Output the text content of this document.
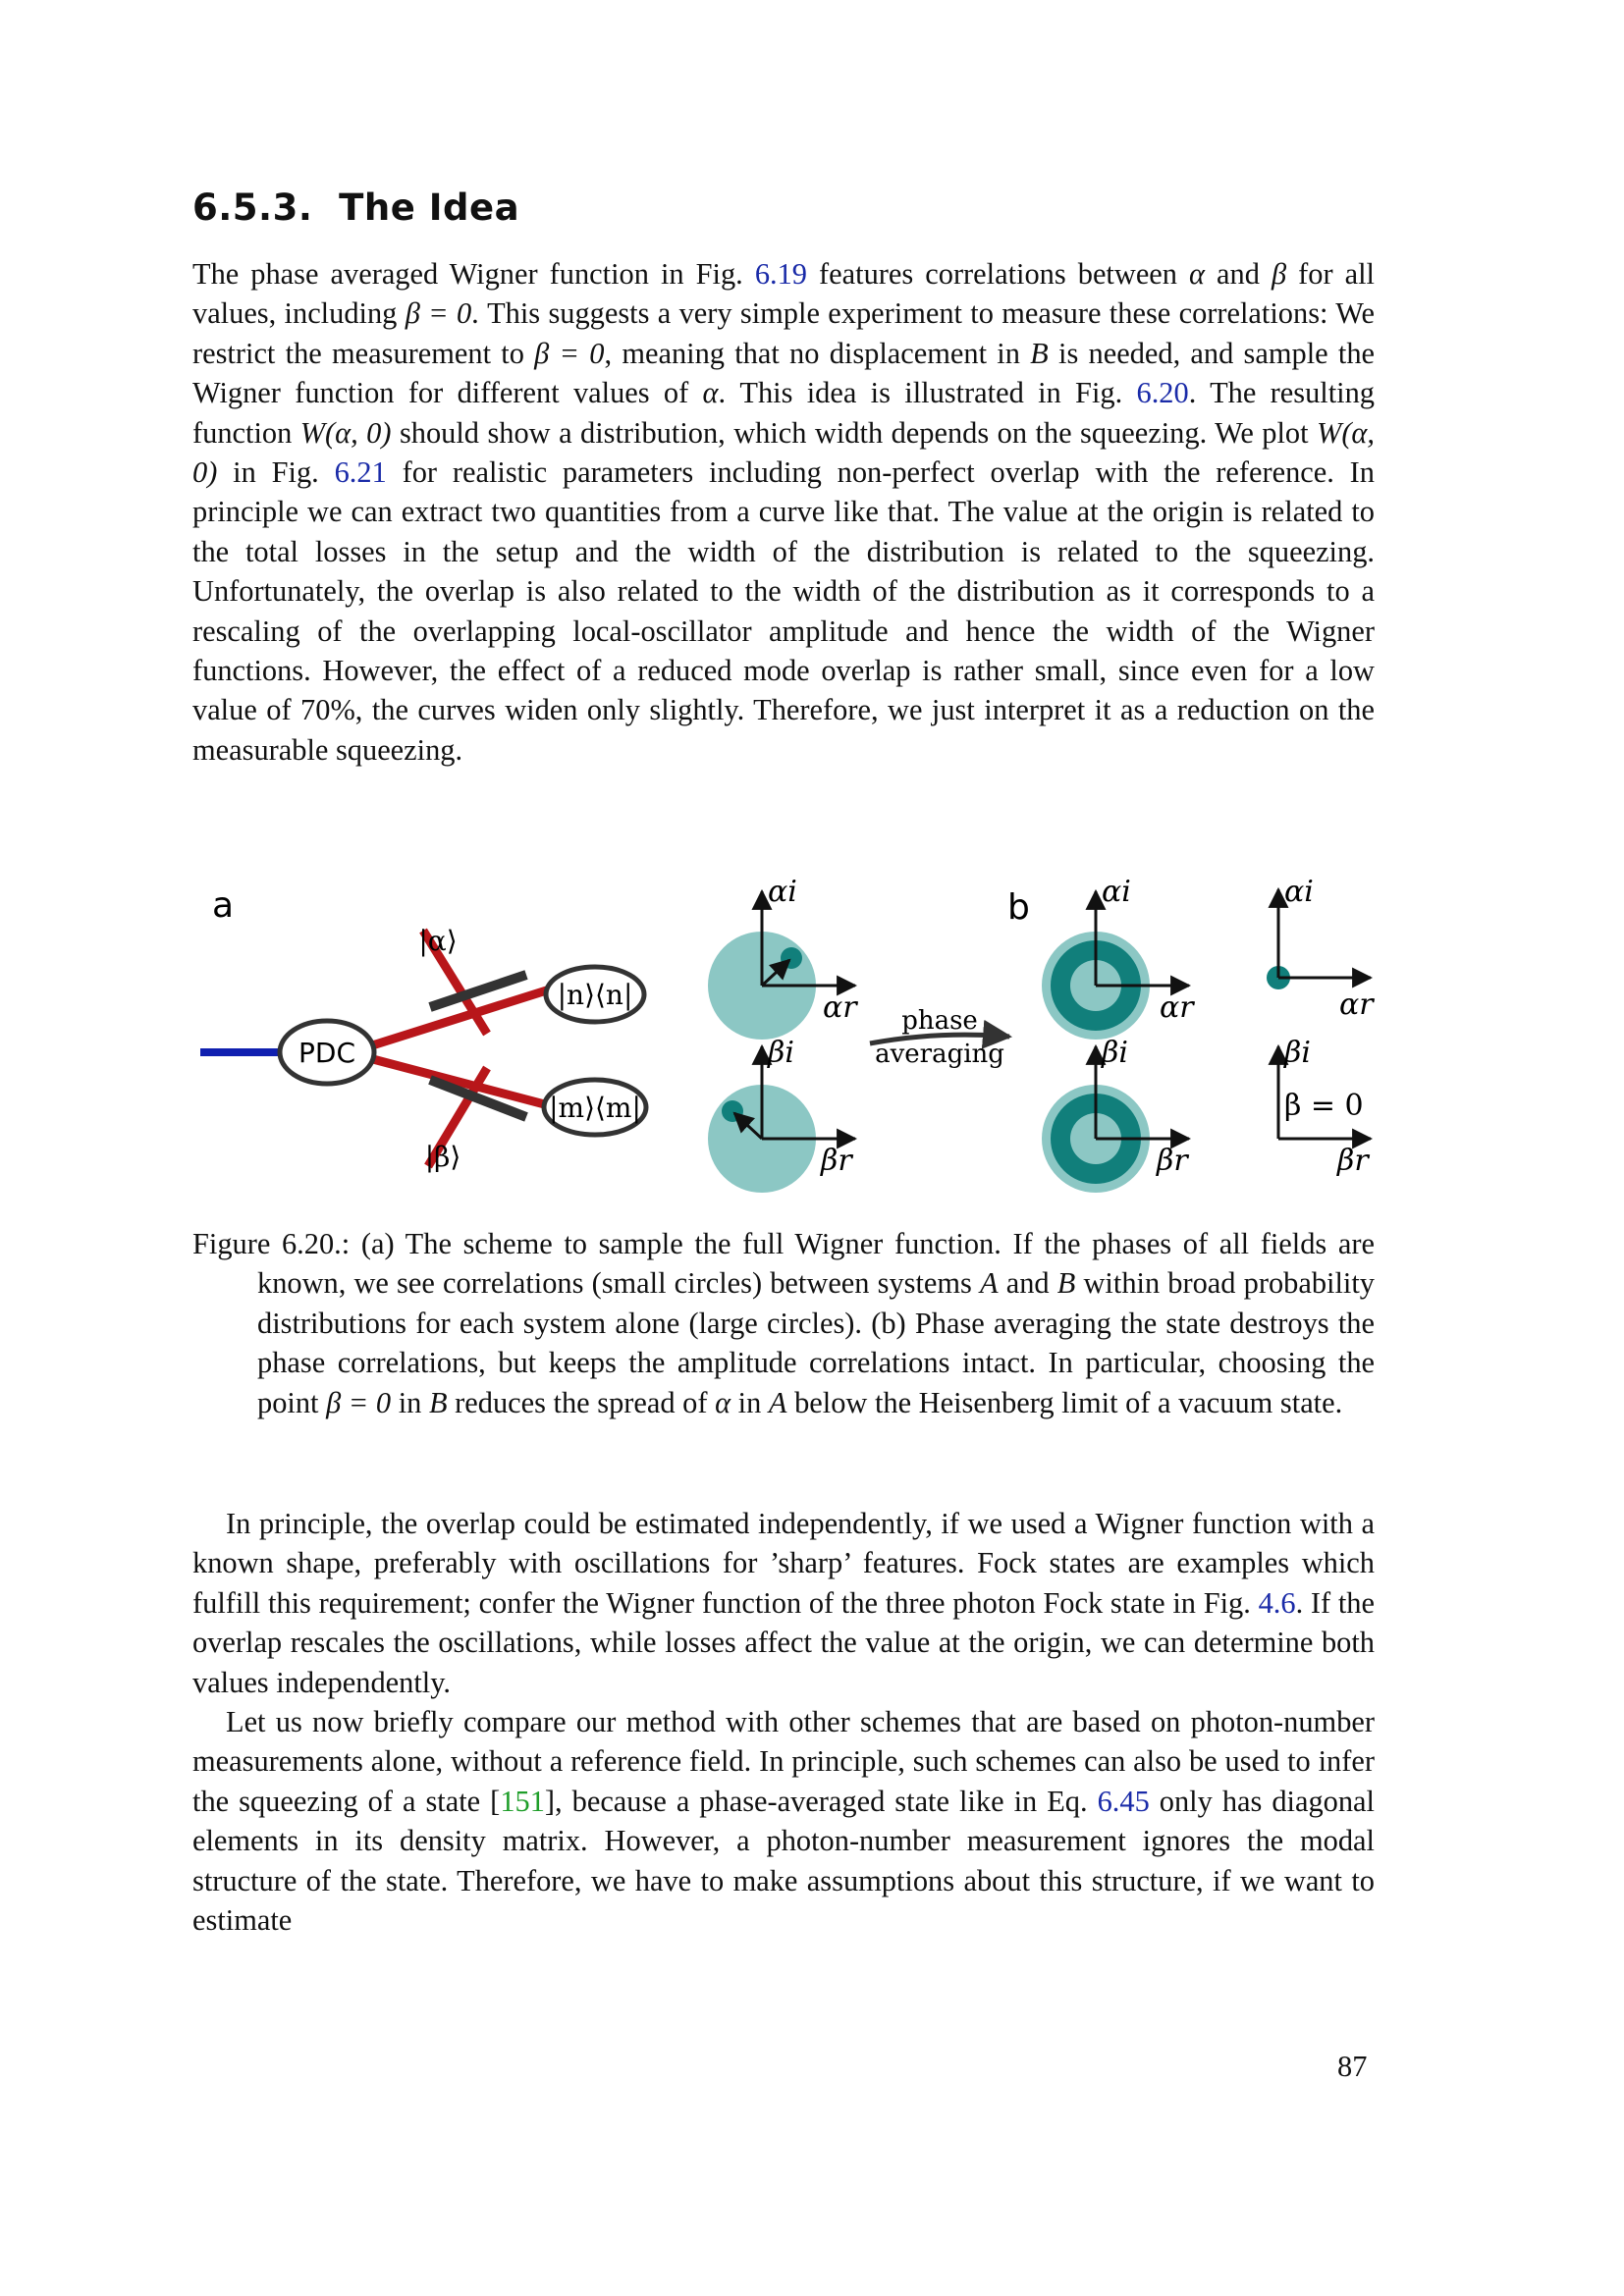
6.5.3. The Idea

The phase averaged Wigner function in Fig. 6.19 features correlations between α and β for all values, including β = 0. This suggests a very simple experiment to measure these correlations: We restrict the measurement to β = 0, meaning that no displacement in B is needed, and sample the Wigner function for different values of α. This idea is illustrated in Fig. 6.20. The resulting function W(α, 0) should show a distribution, which width depends on the squeezing. We plot W(α, 0) in Fig. 6.21 for realistic parameters including non-perfect overlap with the reference. In principle we can extract two quantities from a curve like that. The value at the origin is related to the total losses in the setup and the width of the distribution is related to the squeezing. Unfortunately, the overlap is also related to the width of the distribution as it corresponds to a rescaling of the overlapping local-oscillator amplitude and hence the width of the Wigner functions. However, the effect of a reduced mode overlap is rather small, since even for a low value of 70%, the curves widen only slightly. Therefore, we just interpret it as a reduction on the measurable squeezing.

a
PDC
|α⟩
|β⟩
|n⟩⟨n|
|m⟩⟨m|
αi
αr
βi
βr
phase
averaging
b αi
αr
βi
βr
αi
αr
βi
β = 0
βr

Figure 6.20.: (a) The scheme to sample the full Wigner function. If the phases of all fields are known, we see correlations (small circles) between systems A and B within broad probability distributions for each system alone (large circles). (b) Phase averaging the state destroys the phase correlations, but keeps the amplitude correlations intact. In particular, choosing the point β = 0 in B reduces the spread of α in A below the Heisenberg limit of a vacuum state.

In principle, the overlap could be estimated independently, if we used a Wigner function with a known shape, preferably with oscillations for ’sharp’ features. Fock states are examples which fulfill this requirement; confer the Wigner function of the three photon Fock state in Fig. 4.6. If the overlap rescales the oscillations, while losses affect the value at the origin, we can determine both values independently.

Let us now briefly compare our method with other schemes that are based on photon-number measurements alone, without a reference field. In principle, such schemes can also be used to infer the squeezing of a state [151], because a phase-averaged state like in Eq. 6.45 only has diagonal elements in its density matrix. However, a photon-number measurement ignores the modal structure of the state. Therefore, we have to make assumptions about this structure, if we want to estimate

87
